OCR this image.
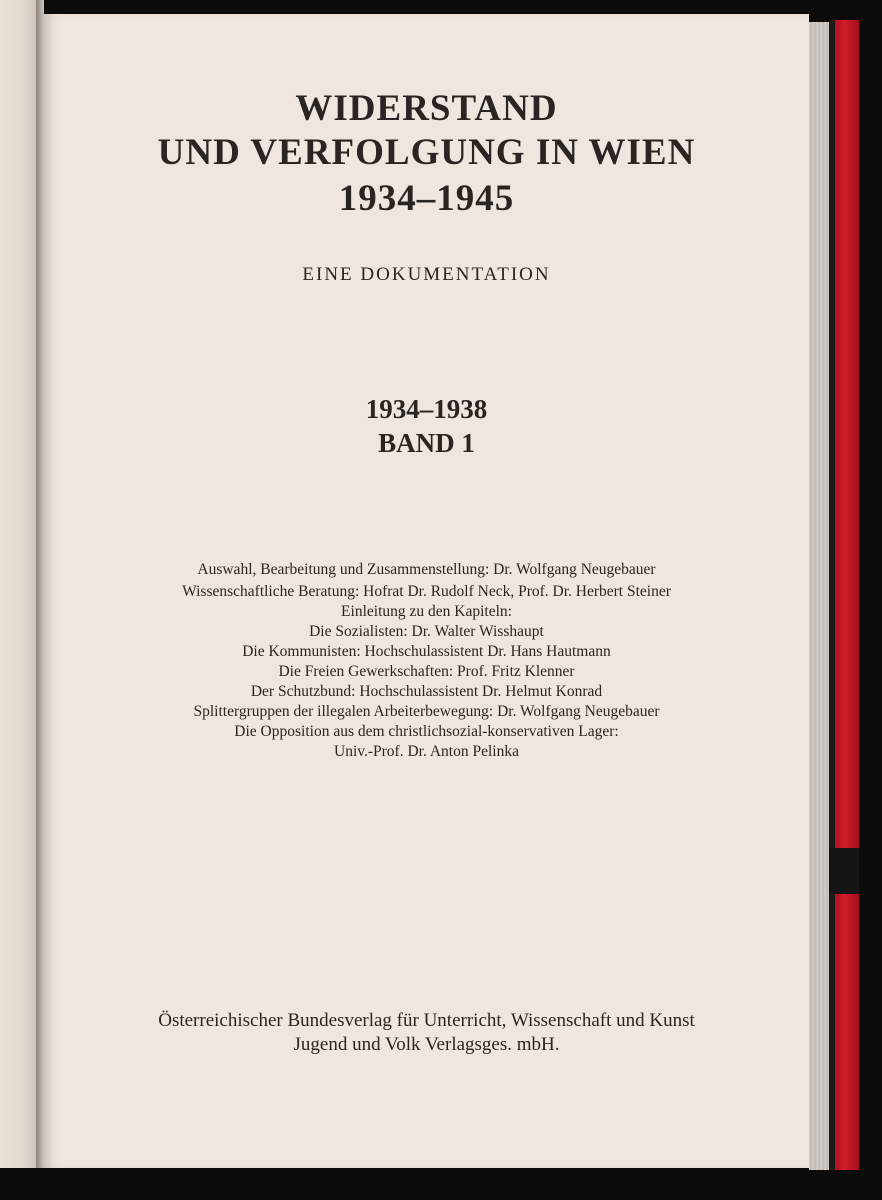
WIDERSTAND
UND VERFOLGUNG IN WIEN
1934–1945
EINE DOKUMENTATION
1934–1938
BAND 1
Auswahl, Bearbeitung und Zusammenstellung: Dr. Wolfgang Neugebauer
Wissenschaftliche Beratung: Hofrat Dr. Rudolf Neck, Prof. Dr. Herbert Steiner
Einleitung zu den Kapiteln:
Die Sozialisten: Dr. Walter Wisshaupt
Die Kommunisten: Hochschulassistent Dr. Hans Hautmann
Die Freien Gewerkschaften: Prof. Fritz Klenner
Der Schutzbund: Hochschulassistent Dr. Helmut Konrad
Splittergruppen der illegalen Arbeiterbewegung: Dr. Wolfgang Neugebauer
Die Opposition aus dem christlichsozial-konservativen Lager:
Univ.-Prof. Dr. Anton Pelinka
Österreichischer Bundesverlag für Unterricht, Wissenschaft und Kunst
Jugend und Volk Verlagsges. mbH.
